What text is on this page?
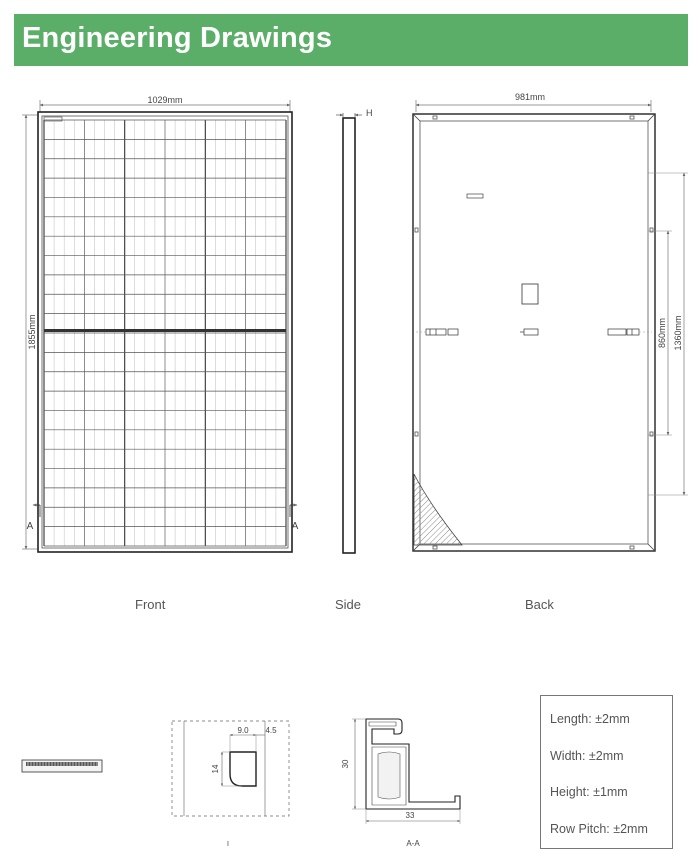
Engineering Drawings
1029mm
1855mm
A	A
H
981mm
860mm 1360mm
9.0 4.5
14
I
30
33
A-A
Front	Side	Back
Length: ±2mm
Width: ±2mm
Height: ±1mm
Row Pitch: ±2mm
